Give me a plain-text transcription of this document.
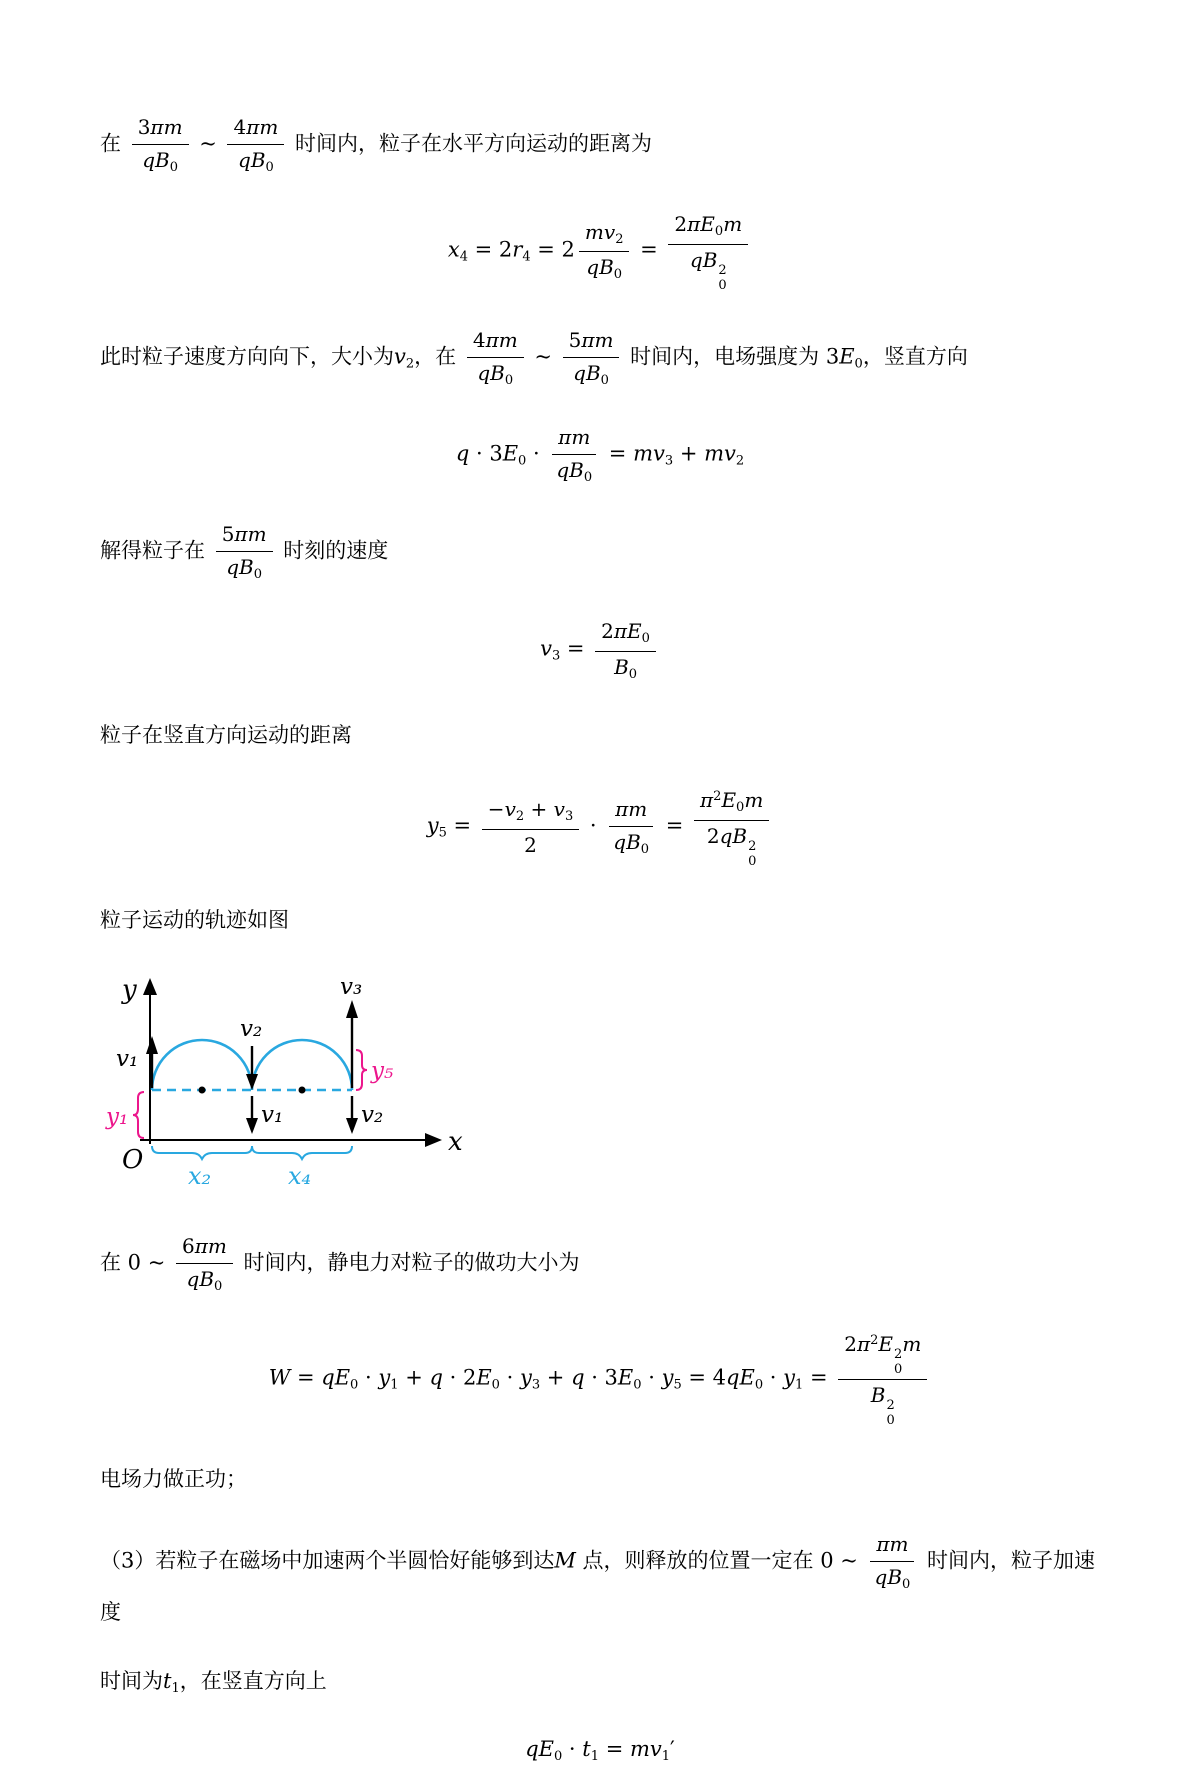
在 $\frac{3\pi m}{qB_0}$ ~ $\frac{4\pi m}{qB_0}$ 时间内，粒子在水平方向运动的距离为
$x_4 = 2r_4 = 2 \frac{mv_2}{qB_0} = 2\pi E_0m$
qB 2
0
此时粒子速度方向向下，大小为$v_2$，在 $\frac{4\pi m}{qB_0}$ ~ $\frac{5\pi m}{qB_0}$ 时间内，电场强度为 $3E_0$，竖直方向
$q \cdot 3E_0 \cdot \frac{\pi m}{qB_0} = mv_3 + mv_2$
解得粒子在 $\frac{5\pi m}{qB_0}$ 时刻的速度
$v_3 = \frac{2\pi E_0}{B_0}$
粒子在竖直方向运动的距离
$y_5 = \frac{-v_2 + v_3}{2} \cdot \frac{\pi m}{qB_0} = \pi^2E_0m$
2qB 2
0
粒子运动的轨迹如图
y
x
O
v₁
v₂
v₁
v₃
v₂
y₅
y₁
x₂	x₄
在 0 ~ $\frac{6\pi m}{qB_0}$ 时间内，静电力对粒子的做功大小为
$W = qE_0 \cdot y_1 + q \cdot 2E_0 \cdot y_3 + q \cdot 3E_0 \cdot y_5 = 4qE_0 \cdot y_1 = 2\pi^2E$ 2
0
m
B 2
0
电场力做正功；
（3）若粒子在磁场中加速两个半圆恰好能够到达M 点，则释放的位置一定在 0 ~ $\frac{\pi m}{qB_0}$ 时间内，粒子加速度
时间为$t_1$，在竖直方向上
$qE_0 \cdot t_1 = mv_1'$
